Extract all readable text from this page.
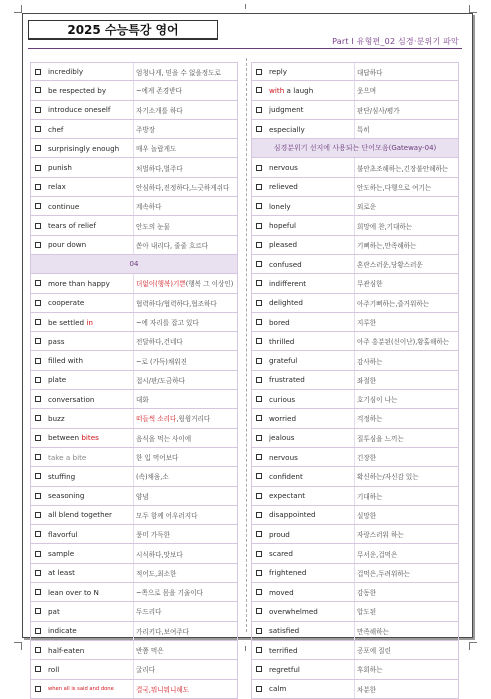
2025 수능특강 영어
Part Ⅰ 유형편_02 심경·분위기 파악
incredibly	엄청나게, 믿을 수 없을정도로
be respected by	~에게 존경받다
introduce oneself	자기소개를 하다
chef	주방장
surprisingly enough	매우 놀랍게도
punish	처벌하다,벌주다
relax	안심하다,진정하다,느긋하게쉬다
continue	계속하다
tears of relief	안도의 눈물
pour down	쏟아 내리다, 줄줄 흐르다
04
more than happy	더없이(행복)기쁜 (행복 그 이상인)
cooperate	협력하다/협력하다,협조하다
be settled in	~에 자리를 잡고 있다
pass	전달하다,건네다
filled with	~로 (가득)채워진
plate	접시/판/도금하다
conversation	대화
buzz	떠들썩 소리다 ,윙윙거리다
between bites	음식을 먹는 사이에
take a bite	한 입 먹어보다
stuffing	(속)채움,소
seasoning	양념
all blend together	모두 함께 어우러지다
flavorful	풍미 가득한
sample	시식하다,맛보다
at least	적어도,최소한
lean over to N	~쪽으로 몸을 기울이다
pat	두드리다
indicate	가리키다,보여주다
half-eaten	반쯤 먹은
roll	굴리다
when all is said and done	결국,뭐니뭐니해도
reply	대답하다
with a laugh	웃으며
judgment	판단/심사/평가
especially	특히
심경분위기 선지에 사용되는 단어모음(Gateway-04)
nervous	불안초조해하는,긴장불안해하는
relieved	안도하는,다행으로 여기는
lonely	외로운
hopeful	희망에 찬,기대하는
pleased	기뻐하는,만족해하는
confused	혼란스러운,당황스러운
indifferent	무관심한
delighted	아주기뻐하는,즐거워하는
bored	지루한
thrilled	아주 흥분된(신이난),황홀해하는
grateful	감사하는
frustrated	좌절한
curious	호기심이 나는
worried	걱정하는
jealous	질투심을 느끼는
nervous	긴장한
confident	확신하는/자신감 있는
expectant	기대하는
disappointed	실망한
proud	자랑스러워 하는
scared	무서운,겁먹은
frightened	겁먹은,두려워하는
moved	감동한
overwhelmed	압도된
satisfied	만족해하는
terrified	공포에 질린
regretful	후회하는
calm	차분한
